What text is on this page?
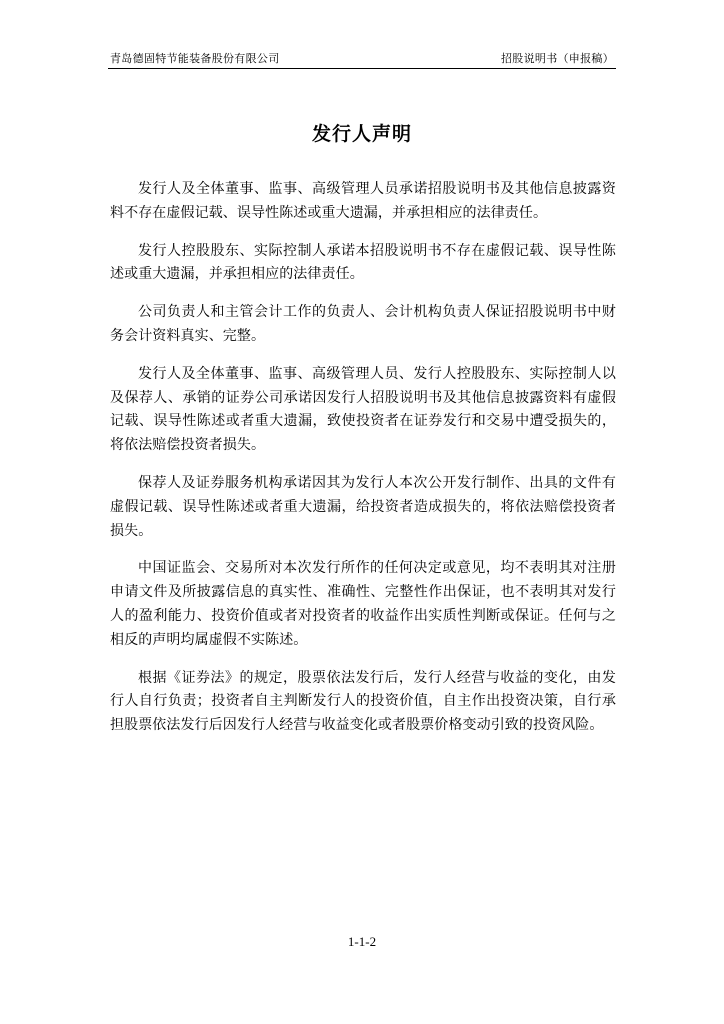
青岛德固特节能装备股份有限公司	招股说明书（申报稿）
发行人声明

发行人及全体董事、监事、高级管理人员承诺招股说明书及其他信息披露资料不存在虚假记载、误导性陈述或重大遗漏，并承担相应的法律责任。

发行人控股股东、实际控制人承诺本招股说明书不存在虚假记载、误导性陈述或重大遗漏，并承担相应的法律责任。

公司负责人和主管会计工作的负责人、会计机构负责人保证招股说明书中财务会计资料真实、完整。

发行人及全体董事、监事、高级管理人员、发行人控股股东、实际控制人以及保荐人、承销的证券公司承诺因发行人招股说明书及其他信息披露资料有虚假记载、误导性陈述或者重大遗漏，致使投资者在证券发行和交易中遭受损失的，将依法赔偿投资者损失。

保荐人及证券服务机构承诺因其为发行人本次公开发行制作、出具的文件有虚假记载、误导性陈述或者重大遗漏，给投资者造成损失的，将依法赔偿投资者损失。

中国证监会、交易所对本次发行所作的任何决定或意见，均不表明其对注册申请文件及所披露信息的真实性、准确性、完整性作出保证，也不表明其对发行人的盈利能力、投资价值或者对投资者的收益作出实质性判断或保证。任何与之相反的声明均属虚假不实陈述。

根据《证券法》的规定，股票依法发行后，发行人经营与收益的变化，由发行人自行负责；投资者自主判断发行人的投资价值，自主作出投资决策，自行承担股票依法发行后因发行人经营与收益变化或者股票价格变动引致的投资风险。

1-1-2
